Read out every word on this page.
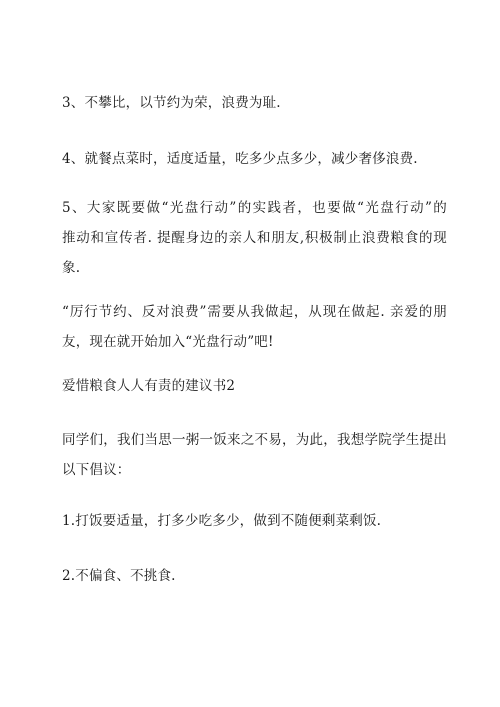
3、不攀比，以节约为荣，浪费为耻.

4、就餐点菜时，适度适量，吃多少点多少，减少奢侈浪费.

5、大家既要做“光盘行动”的实践者，也要做“光盘行动”的
推动和宣传者. 提醒身边的亲人和朋友,积极制止浪费粮食的现
象.

“厉行节约、反对浪费”需要从我做起，从现在做起. 亲爱的朋
友，现在就开始加入“光盘行动”吧!

爱惜粮食人人有责的建议书2

同学们，我们当思一粥一饭来之不易，为此，我想学院学生提出
以下倡议：

1.打饭要适量，打多少吃多少，做到不随便剩菜剩饭.

2.不偏食、不挑食.
